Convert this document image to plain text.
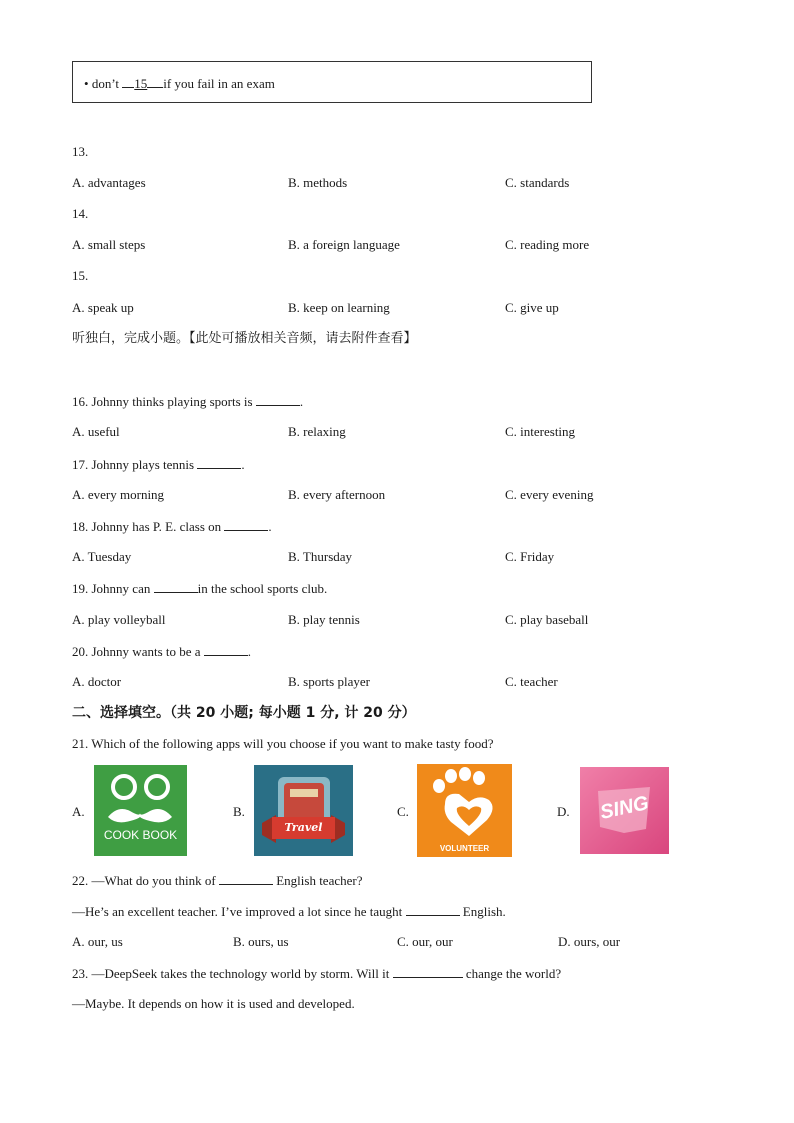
• don’t 15 if you fail in an exam
13.
A. advantages	B. methods	C. standards
14.
A. small steps	B. a foreign language	C. reading more
15.
A. speak up	B. keep on learning	C. give up
听独白，完成小题。【此处可播放相关音频，请去附件查看】
16. Johnny thinks playing sports is	.
A. useful	B. relaxing	C. interesting
17. Johnny plays tennis	.
A. every morning	B. every afternoon	C. every evening
18. Johnny has P. E. class on	.
A. Tuesday	B. Thursday	C. Friday
19. Johnny can	in the school sports club.
A. play volleyball	B. play tennis	C. play baseball
20. Johnny wants to be a	.
A. doctor	B. sports player	C. teacher
二、选择填空。（共 20 小题; 每小题 1 分, 计 20 分）
21. Which of the following apps will you choose if you want to make tasty food?
A.
COOK BOOK
B.
Travel
C.
VOLUNTEER
D.	SING
22. —What do you think of	English teacher?
—He’s an excellent teacher. I’ve improved a lot since he taught	English.
A. our, us	B. ours, us	C. our, our	D. ours, our
23. —DeepSeek takes the technology world by storm. Will it	change the world?
—Maybe. It depends on how it is used and developed.
